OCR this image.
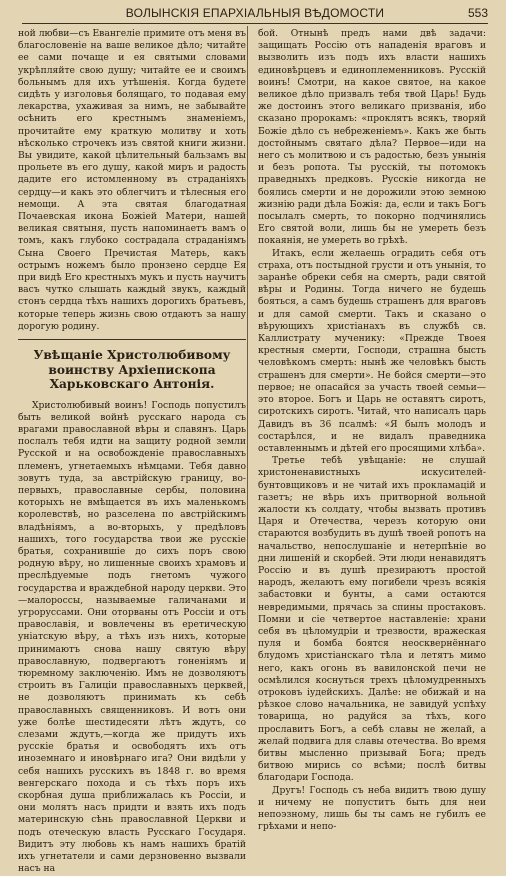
ВОЛЫНСКІЯ ЕПАРХІАЛЬНЫЯ ВѢДОМОСТИ	553

ной любви—съ Евангеліе примите отъ меня въ благословеніе на ваше великое дѣло; читайте ее сами почаще и ея святыми словами укрѣпляйте свою душу; читайте ее и своимъ больнымъ для ихъ утѣшенія. Когда будете сидѣть у изголовья болящаго, то подавая ему лекарства, ухаживая за нимъ, не забывайте осѣнить его крестнымъ знаменіемъ, прочитайте ему краткую молитву и хоть нѣсколько строчекъ изъ святой книги жизни. Вы увидите, какой цѣлительный бальзамъ вы прольете въ его душу, какой миръ и радость дадите его истомленному въ страданіяхъ сердцу—и какъ это облегчитъ и тѣлесныя его немощи. А эта святая благодатная Почаевская икона Божіей Матери, нашей великая святыня, пусть напоминаетъ вамъ о томъ, какъ глубоко сострадала страданіямъ Сына Своего Пречистая Матерь, какъ острымъ ножемъ было пронзено сердце Ея при видѣ Его крестныхъ мукъ и пусть научитъ васъ чутко слышать каждый звукъ, каждый стонъ сердца тѣхъ нашихъ дорогихъ братьевъ, которые теперь жизнь свою отдаютъ за нашу дорогую родину.

Увѣщаніе Христолюбивому воинству Архіепископа Харьковскаго Антонія.

Христолюбивый воинъ! Господь попустилъ быть великой войнѣ русскаго народа съ врагами православной вѣры и славянъ. Царь послалъ тебя идти на защиту родной земли Русской и на освобожденіе православныхъ племенъ, угнетаемыхъ нѣмцами. Тебя давно зовутъ туда, за австрійскую границу, во-первыхъ, православные сербы, половина которыхъ не вмѣщается въ ихъ маленькомъ королевствѣ, но разселена по австрійскимъ владѣніямъ, а во-вторыхъ, у предѣловъ нашихъ, того государства твои же русскіе братья, сохранившіе до сихъ поръ свою родную вѣру, но лишенные своихъ храмовъ и преслѣдуемые подъ гнетомъ чужого государства и враждебной народу церкви. Это—малороссы, называемые галичанами и угроруссами. Они оторваны отъ Россіи и отъ православія, и вовлечены въ еретическую уніатскую вѣру, а тѣхъ изъ нихъ, которые принимаютъ снова нашу святую вѣру православную, подвергаютъ гоненіямъ и тюремному заключенію. Имъ не дозволяютъ строить въ Галиціи православныхъ церквей, не дозволяютъ принимать къ себѣ православныхъ священниковъ. И вотъ они уже болѣе шестидесяти лѣтъ ждутъ, со слезами ждутъ,—когда же придутъ ихъ русскіе братья и освободятъ ихъ отъ иноземнаго и иновѣрнаго ига? Они видѣли у себя нашихъ русскихъ въ 1848 г. во время венгерскаго похода и съ тѣхъ поръ ихъ скорбная душа приближалась къ Россіи, и они молятъ насъ придти и взять ихъ подъ материнскую сѣнь православной Церкви и подъ отеческую власть Русскаго Государя. Видитъ эту любовь къ намъ нашихъ братій ихъ угнетатели и сами дерзновенно вызвали насъ на

бой. Отнынѣ предъ нами двѣ задачи: защищать Россію отъ нападенія враговъ и вызволить изъ подъ ихъ власти нашихъ единовѣрцевъ и единоплеменниковъ. Русскій воинъ! Смотри, на какое святое, на какое великое дѣло призвалъ тебя твой Царь! Будь же достоинъ этого великаго призванія, ибо сказано пророкамъ: «проклятъ всякъ, творяй Божіе дѣло съ небреженіемъ». Какъ же быть достойнымъ святаго дѣла? Первое—иди на него съ молитвою и съ радостью, безъ унынія и безъ ропота. Ты русскій, ты потомокъ праведныхъ предковъ. Русскіе никогда не боялись смерти и не дорожили этою земною жизнію ради дѣла Божія: да, если и такъ Богъ посылалъ смерть, то покорно подчинялись Его святой воли, лишь бы не умереть безъ покаянія, не умереть во грѣхѣ.

Итакъ, если желаешь оградить себя отъ страха, отъ постыдной грусти и отъ унынія, то заранѣе обреки себя на смерть, ради святой вѣры и Родины. Тогда ничего не будешь бояться, а самъ будешь страшенъ для враговъ и для самой смерти. Такъ и сказано о вѣрующихъ христіанахъ въ службѣ св. Каллистрату мученику: «Прежде Твоея крестныя смерти, Господи, страшна бысть человѣкомъ смерть: нынѣ же человѣкъ бысть страшенъ для смерти». Не бойся смерти—это первое; не опасайся за участь твоей семьи—это второе. Богъ и Царь не оставятъ сиротъ, сиротскихъ сиротъ. Читай, что написалъ царь Давидъ въ 36 псалмѣ: «Я былъ молодъ и состарѣлся, и не видалъ праведника оставленнымъ и дѣтей его просящими хлѣба».

Третье тебѣ увѣщаніе: не слушай христоненавистныхъ искусителей-бунтовщиковъ и не читай ихъ прокламацій и газетъ; не вѣрь ихъ притворной вольной жалости къ солдату, чтобы вызвать противъ Царя и Отечества, черезъ которую они стараются возбудить въ душѣ твоей ропотъ на начальство, непослушаніе и нетерпѣніе во дни лишеній и скорбей. Эти люди ненавидятъ Россію и въ душѣ презираютъ простой народъ, желаютъ ему погибели чрезъ всякія забастовки и бунты, а сами остаются невредимыми, прячась за спины простаковъ. Помни и сіе четвертое наставленіе: храни себя въ цѣломудріи и трезвости, вражеская пуля и бомба боятся неосквернённаго блудомъ христіанскаго тѣла и летятъ мимо него, какъ огонь въ вавилонской печи не осмѣлился коснуться трехъ цѣломудренныхъ отроковъ іудейскихъ. Далѣе: не обижай и на рѣзкое слово начальника, не завидуй успѣху товарища, но радуйся за тѣхъ, кого прославитъ Богъ, а себѣ славы не желай, а желай подвига для славы отечества. Во время битвы мысленно призывай Бога; предъ битвою мирись со всѣми; послѣ битвы благодари Господа.

Другъ! Господь съ неба видитъ твою душу и ничему не попуститъ быть для неи непоэзному, лишь бы ты самъ не губилъ ее грѣхами и непо-
